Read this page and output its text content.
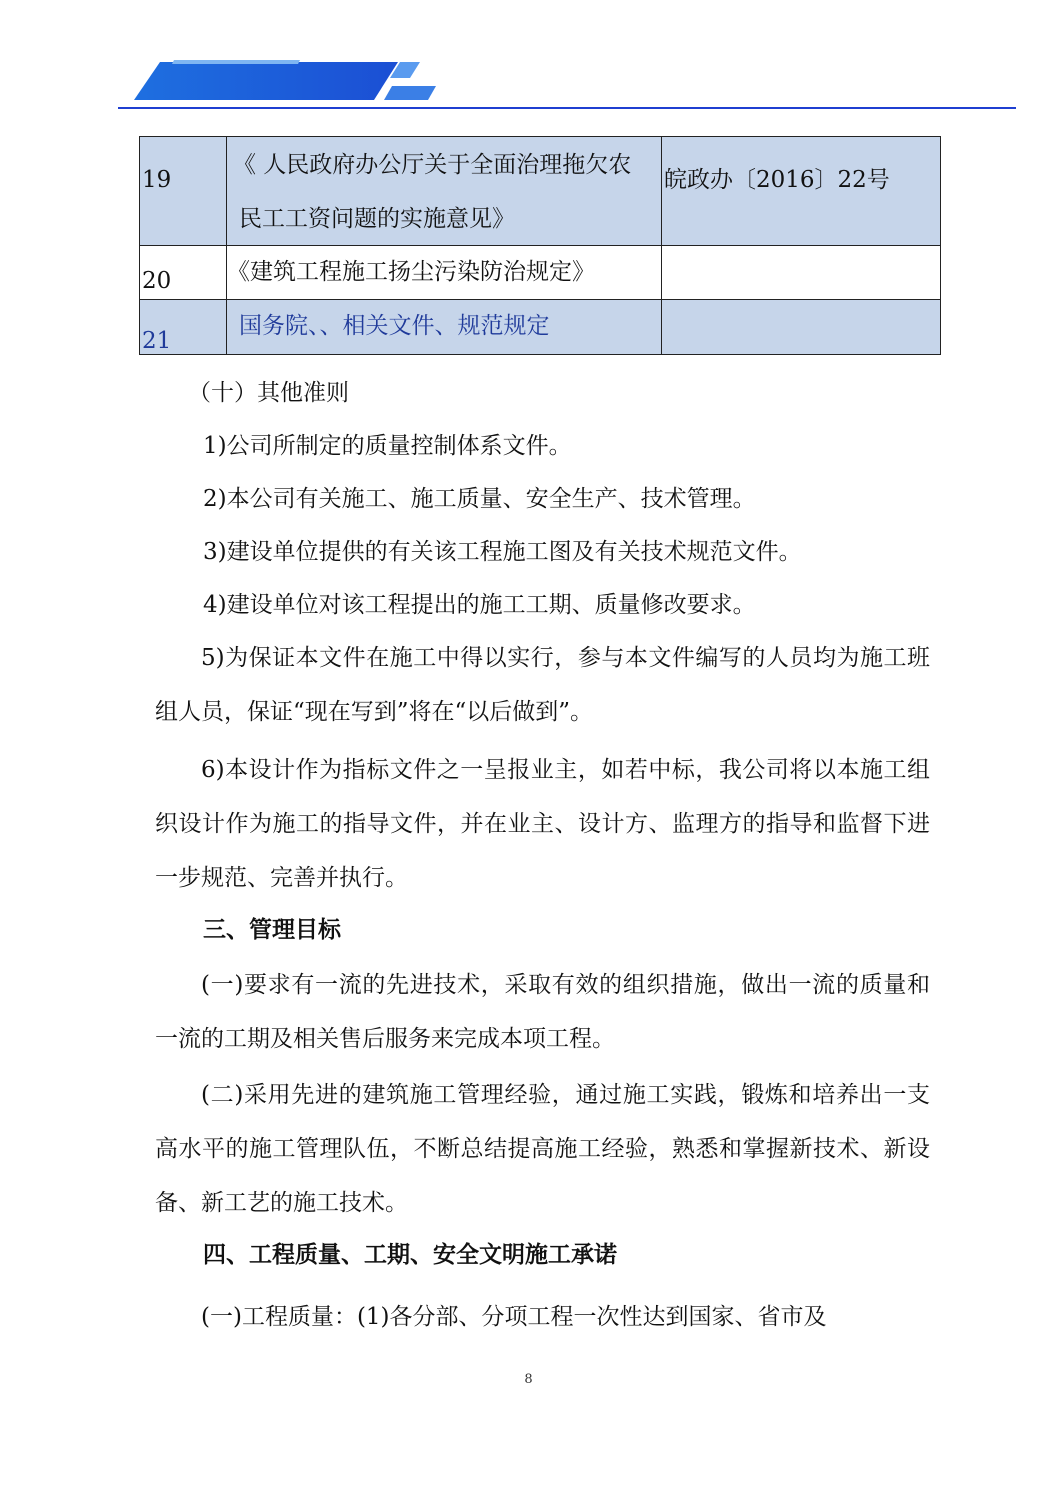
19	《 人民政府办公厅关于全面治理拖欠农
民工工资问题的实施意见》	皖政办〔2016〕22号

20	《建筑工程施工扬尘污染防治规定》	

21	国务院、、相关文件、规范规定	

（十）其他准则

1)公司所制定的质量控制体系文件。

2)本公司有关施工、施工质量、安全生产、技术管理。

3)建设单位提供的有关该工程施工图及有关技术规范文件。

4)建设单位对该工程提出的施工工期、质量修改要求。

5)为保证本文件在施工中得以实行，参与本文件编写的人员均为施工班组人员，保证“现在写到”将在“以后做到”。

6)本设计作为指标文件之一呈报业主，如若中标，我公司将以本施工组织设计作为施工的指导文件，并在业主、设计方、监理方的指导和监督下进一步规范、完善并执行。

三、管理目标

(一)要求有一流的先进技术，采取有效的组织措施，做出一流的质量和一流的工期及相关售后服务来完成本项工程。

(二)采用先进的建筑施工管理经验，通过施工实践，锻炼和培养出一支高水平的施工管理队伍，不断总结提高施工经验，熟悉和掌握新技术、新设备、新工艺的施工技术。

四、工程质量、工期、安全文明施工承诺

(一)工程质量：(1)各分部、分项工程一次性达到国家、省市及

8
